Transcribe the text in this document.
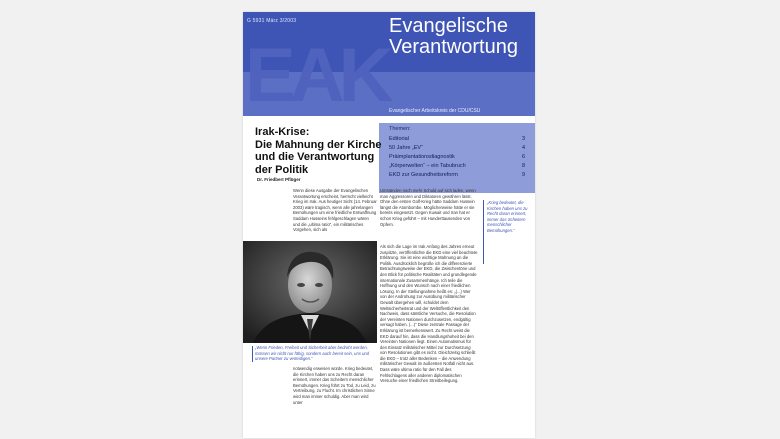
EAK
G 5931 März 3/2003	Evangelische
Verantwortung
Evangelischer Arbeitskreis der CDU/CSU
Themen:
Editorial	3
50 Jahre „EV“	4
Präimplantationsdiagnostik	6
„Körperwelten“ – ein Tabubruch	8
EKD zur Gesundheitsreform	9
Irak-Krise:
Die Mahnung der Kirche
und die Verantwortung
der Politik
Dr. Friedbert Pflüger
Wenn diese Ausgabe der Evangelischen Verantwortung erscheint, herrscht vielleicht Krieg im Irak. Aus heutiger Sicht (14. Februar 2003) wäre tragisch, wenn alle jahrelangen Bemühungen um eine friedliche Entwaffnung Saddam Husseins fehlgeschlagen wären und die „ultima ratio“, ein militärisches Vorgehen, sich als
„Wenn Frieden, Freiheit und Sicherheit aber bedroht werden, müssen wir nicht nur fähig, sondern auch bereit sein, uns und unsere Partner zu verteidigen.“
notwendig erweisen würde. Krieg bedeutet, die Kirchen haben uns zu Recht daran erinnert, immer das Scheitern menschlicher Bemühungen. Krieg führt zu Tod, zu Leid, zu Vertreibung, zu Flucht. Im christlichen Sinne wird man immer schuldig. Aber man wird unter
Umständen noch mehr Schuld auf sich laden, wenn man Aggressoren und Diktatoren gewähren lässt. Ohne den ersten Golf-Krieg hätte Saddam Hussein längst die Atombombe. Möglicherweise hätte er sie bereits eingesetzt. Gegen Kuwait und Iran hat er schon Krieg geführt – mit Hunderttausenden von Opfern.
Als sich die Lage im Irak Anfang des Jahres erneut zuspitzte, veröffentlichte die EKD eine viel beachtete Erklärung. Sie ist eine wichtige Mahnung an die Politik. Ausdrücklich begrüße ich die differenzierte Betrachtungsweise der EKD, die Zwischentöne und den Blick für politische Realitäten und grundlegende internationale Zusammenhänge. Ich teile die Hoffnung und den Wunsch nach einer friedlichen Lösung. In der Stellungnahme heißt es: „(...) Wer von der Androhung zur Ausübung militärischer Gewalt übergehen will, schuldet dem Weltsicherheitsrat und der Weltöffentlichkeit den Nachweis, dass sämtliche Versuche, die Resolution der Vereinten Nationen durchzusetzen, endgültig versagt haben. (...)“ Diese zentrale Passage der Erklärung ist bemerkenswert. Zu Recht weist die EKD darauf hin, dass die Handlungshoheit bei den Vereinten Nationen liegt. Einen Automatismus für den Einsatz militärischer Mittel zur Durchsetzung von Resolutionen gibt es nicht. Gleichzeitig schließt die EKD – trotz aller Bedenken – die Anwendung militärischer Gewalt im äußersten Notfall nicht aus. Dass wäre ultima ratio für den Fall des Fehlschlagens aller anderen diplomatischen Versuche einer friedlichen Streitbeilegung.
„Krieg bedeutet, die Kirchen haben uns zu Recht daran erinnert, immer das Scheitern menschlicher Bemühungen.“
